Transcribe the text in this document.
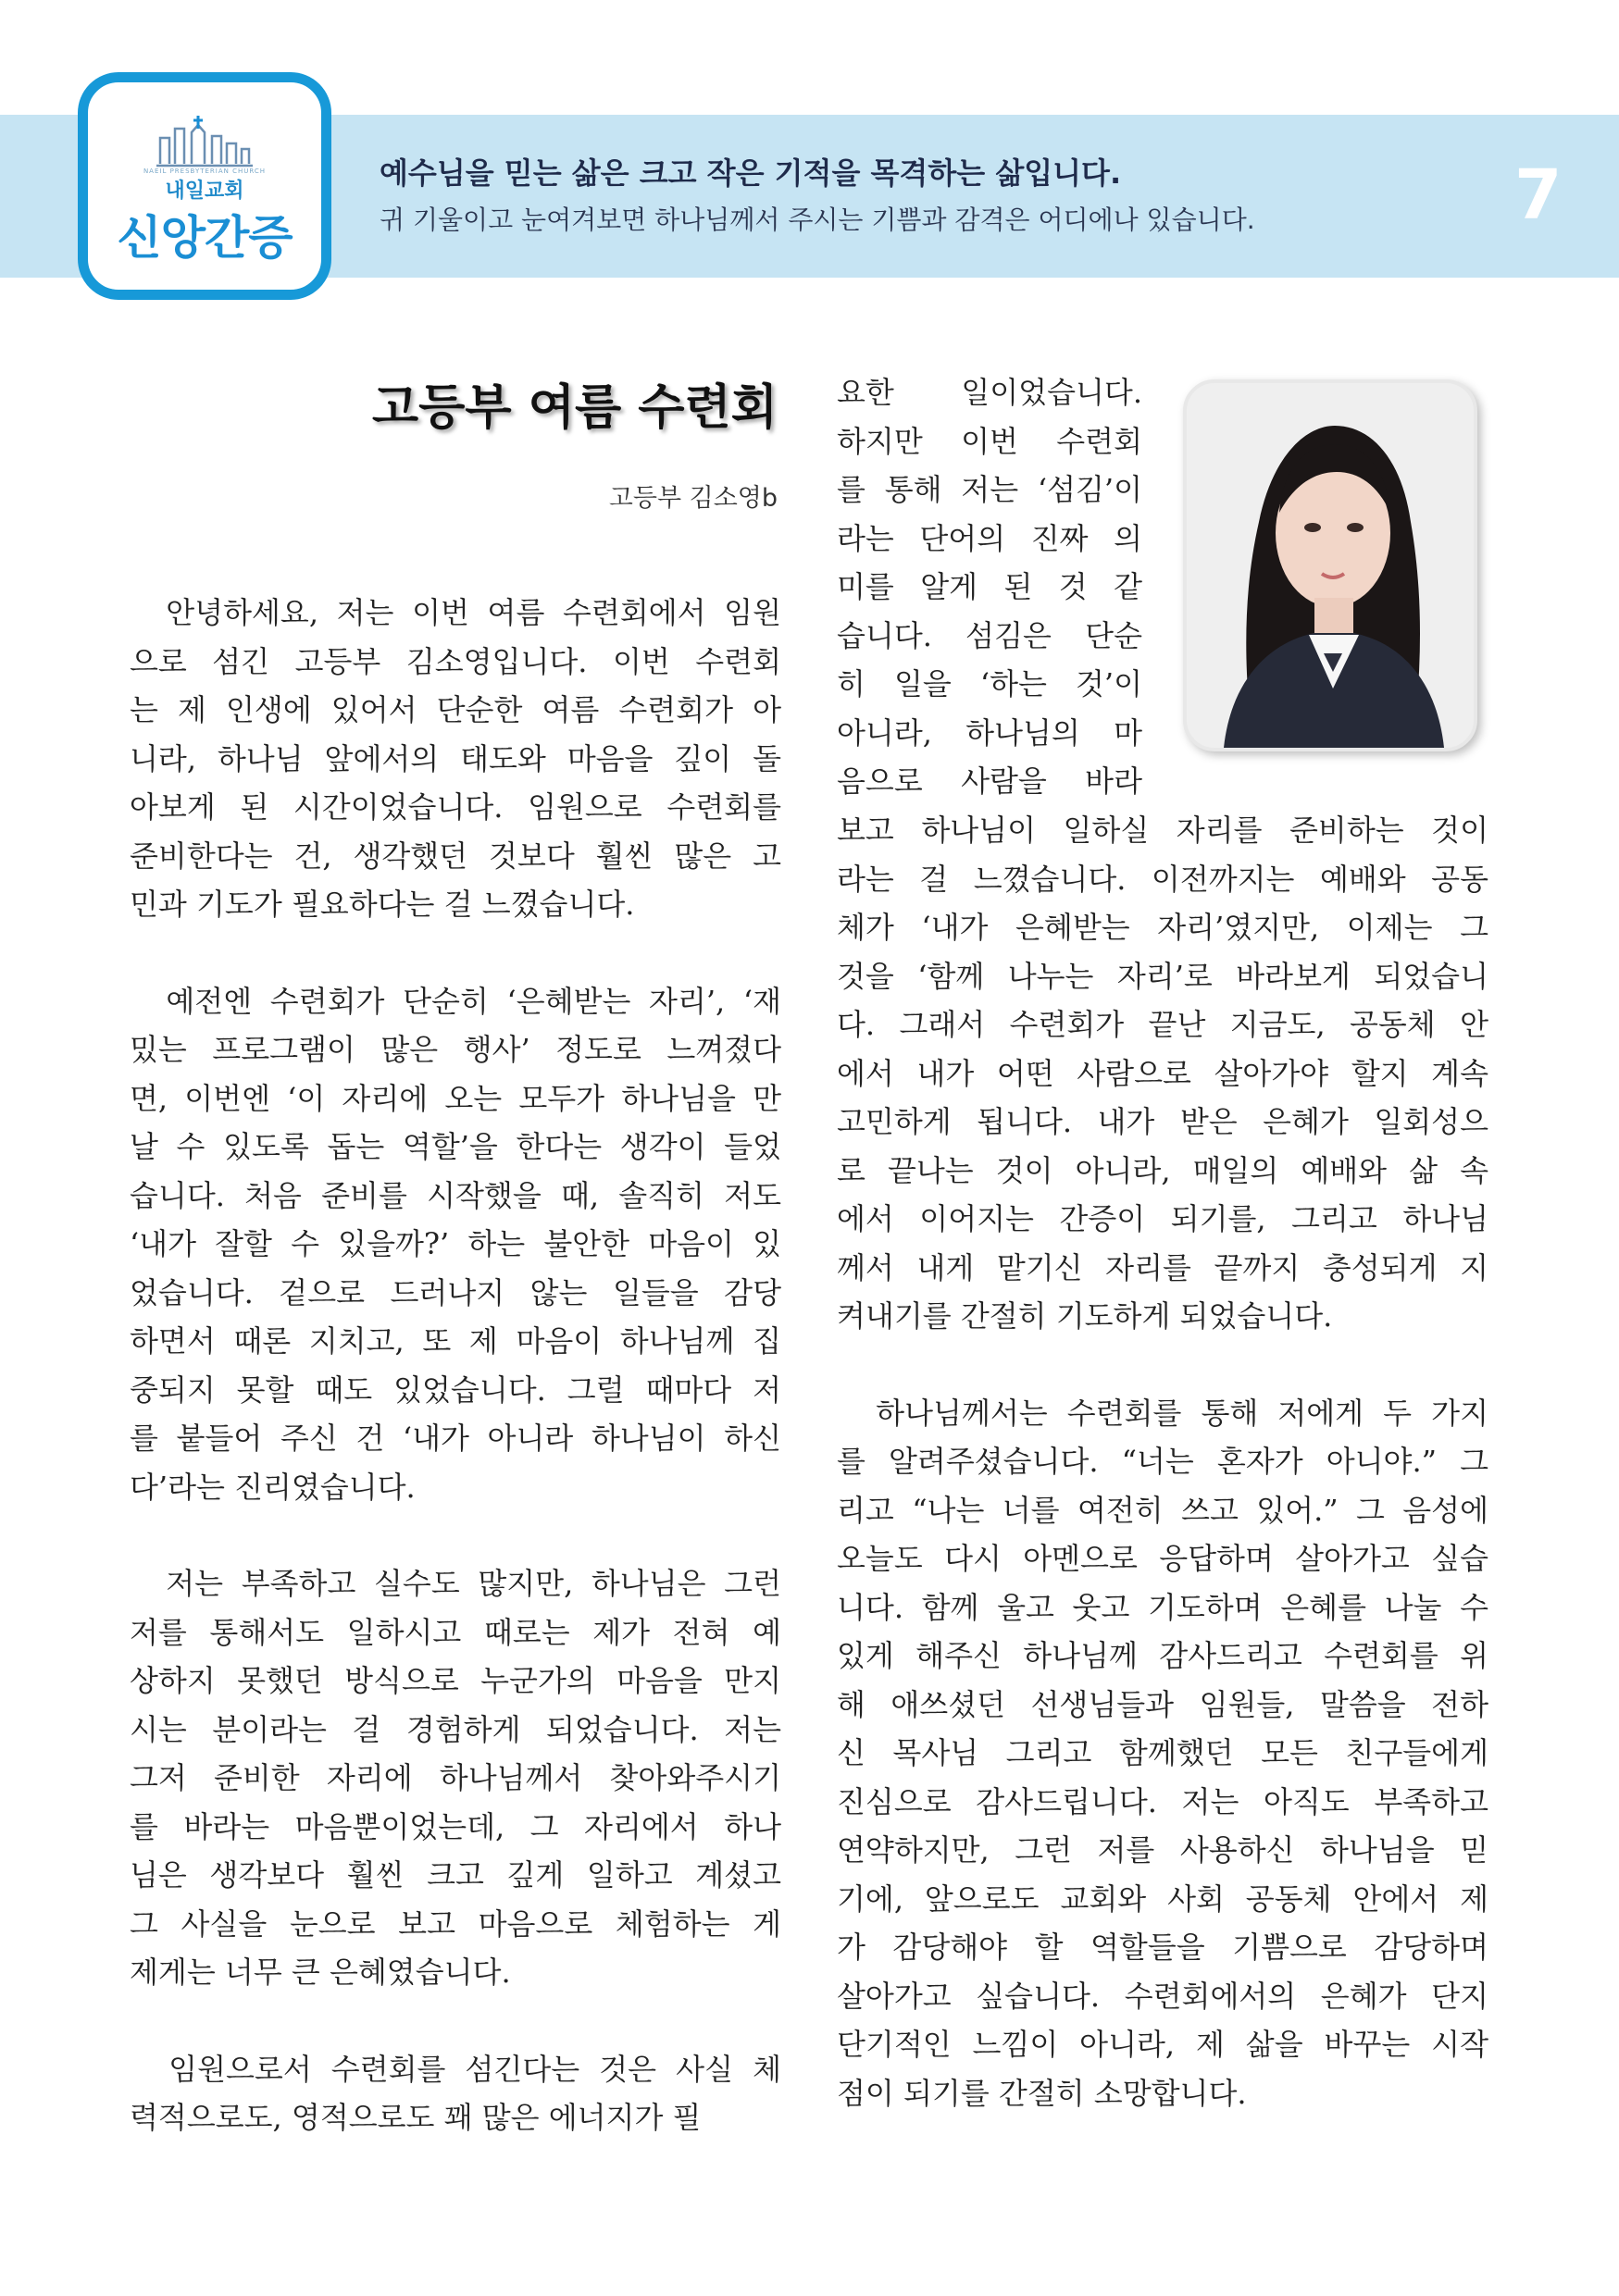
NAEIL PRESBYTERIAN CHURCH
내일교회
신앙간증

예수님을 믿는 삶은 크고 작은 기적을 목격하는 삶입니다.

귀 기울이고 눈여겨보면 하나님께서 주시는 기쁨과 감격은 어디에나 있습니다.	7
고등부 여름 수련회
고등부 김소영b
안녕하세요, 저는 이번 여름 수련회에서 임원
으로 섬긴 고등부 김소영입니다. 이번 수련회
는 제 인생에 있어서 단순한 여름 수련회가 아
니라, 하나님 앞에서의 태도와 마음을 깊이 돌
아보게 된 시간이었습니다. 임원으로 수련회를
준비한다는 건, 생각했던 것보다 훨씬 많은 고
민과 기도가 필요하다는 걸 느꼈습니다.
예전엔 수련회가 단순히 ‘은혜받는 자리’, ‘재
밌는 프로그램이 많은 행사’ 정도로 느껴졌다
면, 이번엔 ‘이 자리에 오는 모두가 하나님을 만
날 수 있도록 돕는 역할’을 한다는 생각이 들었
습니다. 처음 준비를 시작했을 때, 솔직히 저도
‘내가 잘할 수 있을까?’ 하는 불안한 마음이 있
었습니다. 겉으로 드러나지 않는 일들을 감당
하면서 때론 지치고, 또 제 마음이 하나님께 집
중되지 못할 때도 있었습니다. 그럴 때마다 저
를 붙들어 주신 건 ‘내가 아니라 하나님이 하신
다’라는 진리였습니다.
저는 부족하고 실수도 많지만, 하나님은 그런
저를 통해서도 일하시고 때로는 제가 전혀 예
상하지 못했던 방식으로 누군가의 마음을 만지
시는 분이라는 걸 경험하게 되었습니다. 저는
그저 준비한 자리에 하나님께서 찾아와주시기
를 바라는 마음뿐이었는데, 그 자리에서 하나
님은 생각보다 훨씬 크고 깊게 일하고 계셨고
그 사실을 눈으로 보고 마음으로 체험하는 게
제게는 너무 큰 은혜였습니다.
임원으로서 수련회를 섬긴다는 것은 사실 체
력적으로도, 영적으로도 꽤 많은 에너지가 필
요한 일이었습니다.
하지만 이번 수련회
를 통해 저는 ‘섬김’이
라는 단어의 진짜 의
미를 알게 된 것 같
습니다. 섬김은 단순
히 일을 ‘하는 것’이
아니라, 하나님의 마
음으로 사람을 바라
보고 하나님이 일하실 자리를 준비하는 것이
라는 걸 느꼈습니다. 이전까지는 예배와 공동
체가 ‘내가 은혜받는 자리’였지만, 이제는 그
것을 ‘함께 나누는 자리’로 바라보게 되었습니
다. 그래서 수련회가 끝난 지금도, 공동체 안
에서 내가 어떤 사람으로 살아가야 할지 계속
고민하게 됩니다. 내가 받은 은혜가 일회성으
로 끝나는 것이 아니라, 매일의 예배와 삶 속
에서 이어지는 간증이 되기를, 그리고 하나님
께서 내게 맡기신 자리를 끝까지 충성되게 지
켜내기를 간절히 기도하게 되었습니다.
하나님께서는 수련회를 통해 저에게 두 가지
를 알려주셨습니다. “너는 혼자가 아니야.” 그
리고 “나는 너를 여전히 쓰고 있어.” 그 음성에
오늘도 다시 아멘으로 응답하며 살아가고 싶습
니다. 함께 울고 웃고 기도하며 은혜를 나눌 수
있게 해주신 하나님께 감사드리고 수련회를 위
해 애쓰셨던 선생님들과 임원들, 말씀을 전하
신 목사님 그리고 함께했던 모든 친구들에게
진심으로 감사드립니다. 저는 아직도 부족하고
연약하지만, 그런 저를 사용하신 하나님을 믿
기에, 앞으로도 교회와 사회 공동체 안에서 제
가 감당해야 할 역할들을 기쁨으로 감당하며
살아가고 싶습니다. 수련회에서의 은혜가 단지
단기적인 느낌이 아니라, 제 삶을 바꾸는 시작
점이 되기를 간절히 소망합니다.
